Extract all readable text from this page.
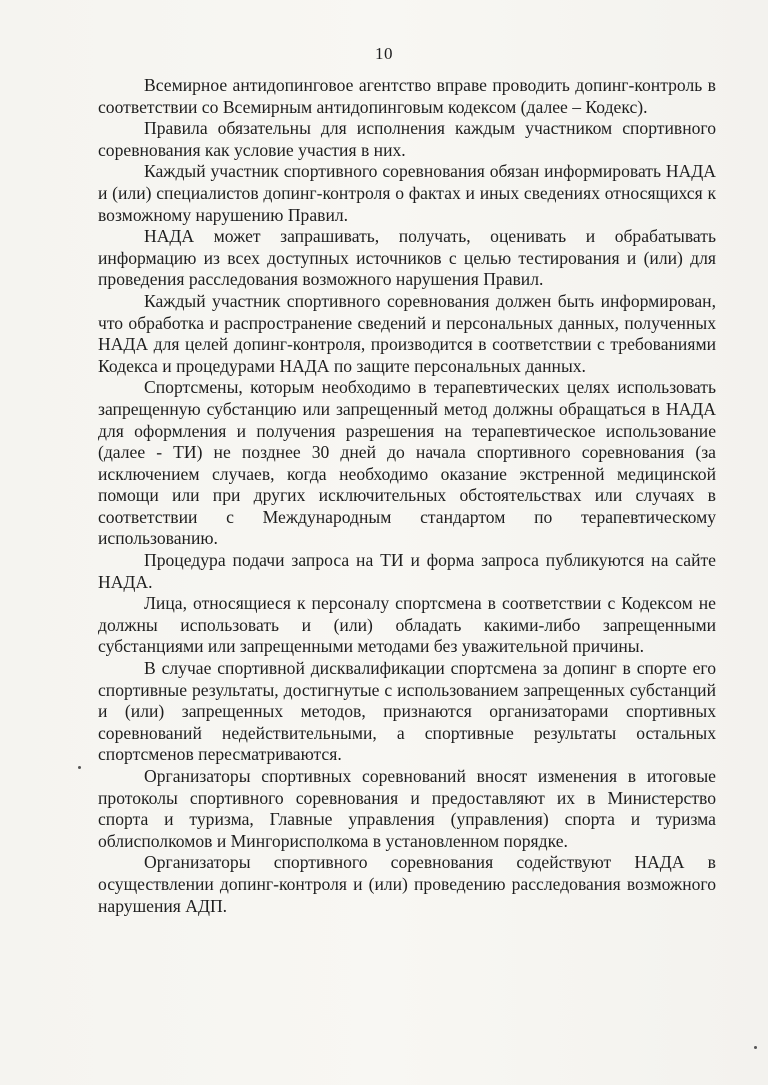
10

Всемирное антидопинговое агентство вправе проводить допинг-контроль в соответствии со Всемирным антидопинговым кодексом (далее – Кодекс).

Правила обязательны для исполнения каждым участником спортивного соревнования как условие участия в них.

Каждый участник спортивного соревнования обязан информировать НАДА и (или) специалистов допинг-контроля о фактах и иных сведениях относящихся к возможному нарушению Правил.

НАДА может запрашивать, получать, оценивать и обрабатывать информацию из всех доступных источников с целью тестирования и (или) для проведения расследования возможного нарушения Правил.

Каждый участник спортивного соревнования должен быть информирован, что обработка и распространение сведений и персональных данных, полученных НАДА для целей допинг-контроля, производится в соответствии с требованиями Кодекса и процедурами НАДА по защите персональных данных.

Спортсмены, которым необходимо в терапевтических целях использовать запрещенную субстанцию или запрещенный метод должны обращаться в НАДА для оформления и получения разрешения на терапевтическое использование (далее - ТИ) не позднее 30 дней до начала спортивного соревнования (за исключением случаев, когда необходимо оказание экстренной медицинской помощи или при других исключительных обстоятельствах или случаях в соответствии с Международным стандартом по терапевтическому использованию.

Процедура подачи запроса на ТИ и форма запроса публикуются на сайте НАДА.

Лица, относящиеся к персоналу спортсмена в соответствии с Кодексом не должны использовать и (или) обладать какими-либо запрещенными субстанциями или запрещенными методами без уважительной причины.

В случае спортивной дисквалификации спортсмена за допинг в спорте его спортивные результаты, достигнутые с использованием запрещенных субстанций и (или) запрещенных методов, признаются организаторами спортивных соревнований недействительными, а спортивные результаты остальных спортсменов пересматриваются.

Организаторы спортивных соревнований вносят изменения в итоговые протоколы спортивного соревнования и предоставляют их в Министерство спорта и туризма, Главные управления (управления) спорта и туризма облисполкомов и Мингорисполкома в установленном порядке.

Организаторы спортивного соревнования содействуют НАДА в осуществлении допинг-контроля и (или) проведению расследования возможного нарушения АДП.
